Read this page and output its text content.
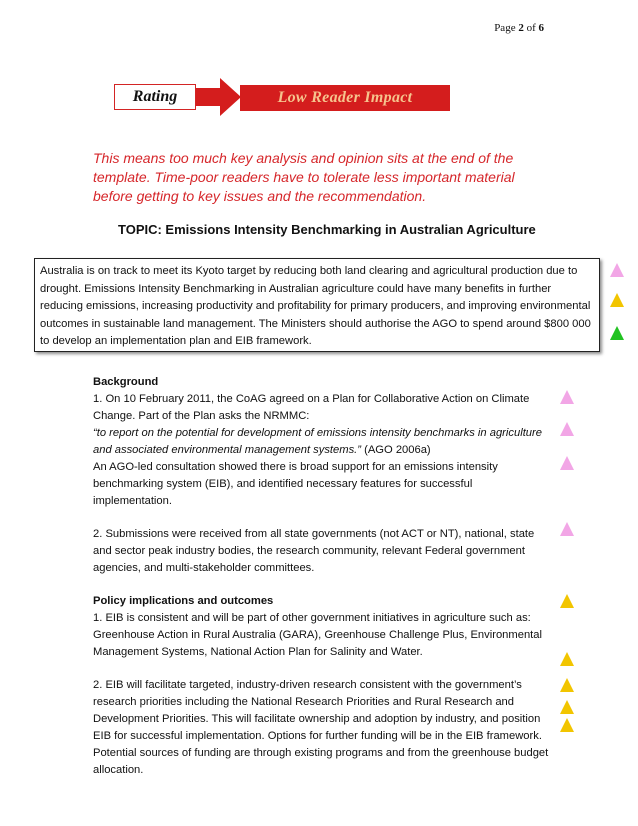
Page 2 of 6
Rating	Low Reader Impact
This means too much key analysis and opinion sits at the end of the template. Time-poor readers have to tolerate less important material before getting to key issues and the recommendation.
TOPIC: Emissions Intensity Benchmarking in Australian Agriculture
Australia is on track to meet its Kyoto target by reducing both land clearing and agricultural production due to drought. Emissions Intensity Benchmarking in Australian agriculture could have many benefits in further reducing emissions, increasing productivity and profitability for primary producers, and improving environmental outcomes in sustainable land management. The Ministers should authorise the AGO to spend around $800 000 to develop an implementation plan and EIB framework.

Background

1. On 10 February 2011, the CoAG agreed on a Plan for Collaborative Action on Climate Change. Part of the Plan asks the NRMMC:
“to report on the potential for development of emissions intensity benchmarks in agriculture and associated environmental management systems.” (AGO 2006a)
An AGO-led consultation showed there is broad support for an emissions intensity benchmarking system (EIB), and identified necessary features for successful implementation.

2. Submissions were received from all state governments (not ACT or NT), national, state and sector peak industry bodies, the research community, relevant Federal government agencies, and multi-stakeholder committees.

Policy implications and outcomes

1. EIB is consistent and will be part of other government initiatives in agriculture such as: Greenhouse Action in Rural Australia (GARA), Greenhouse Challenge Plus, Environmental Management Systems, National Action Plan for Salinity and Water.

2. EIB will facilitate targeted, industry-driven research consistent with the government’s research priorities including the National Research Priorities and Rural Research and Development Priorities. This will facilitate ownership and adoption by industry, and position EIB for successful implementation. Options for further funding will be in the EIB framework. Potential sources of funding are through existing programs and from the greenhouse budget allocation.
